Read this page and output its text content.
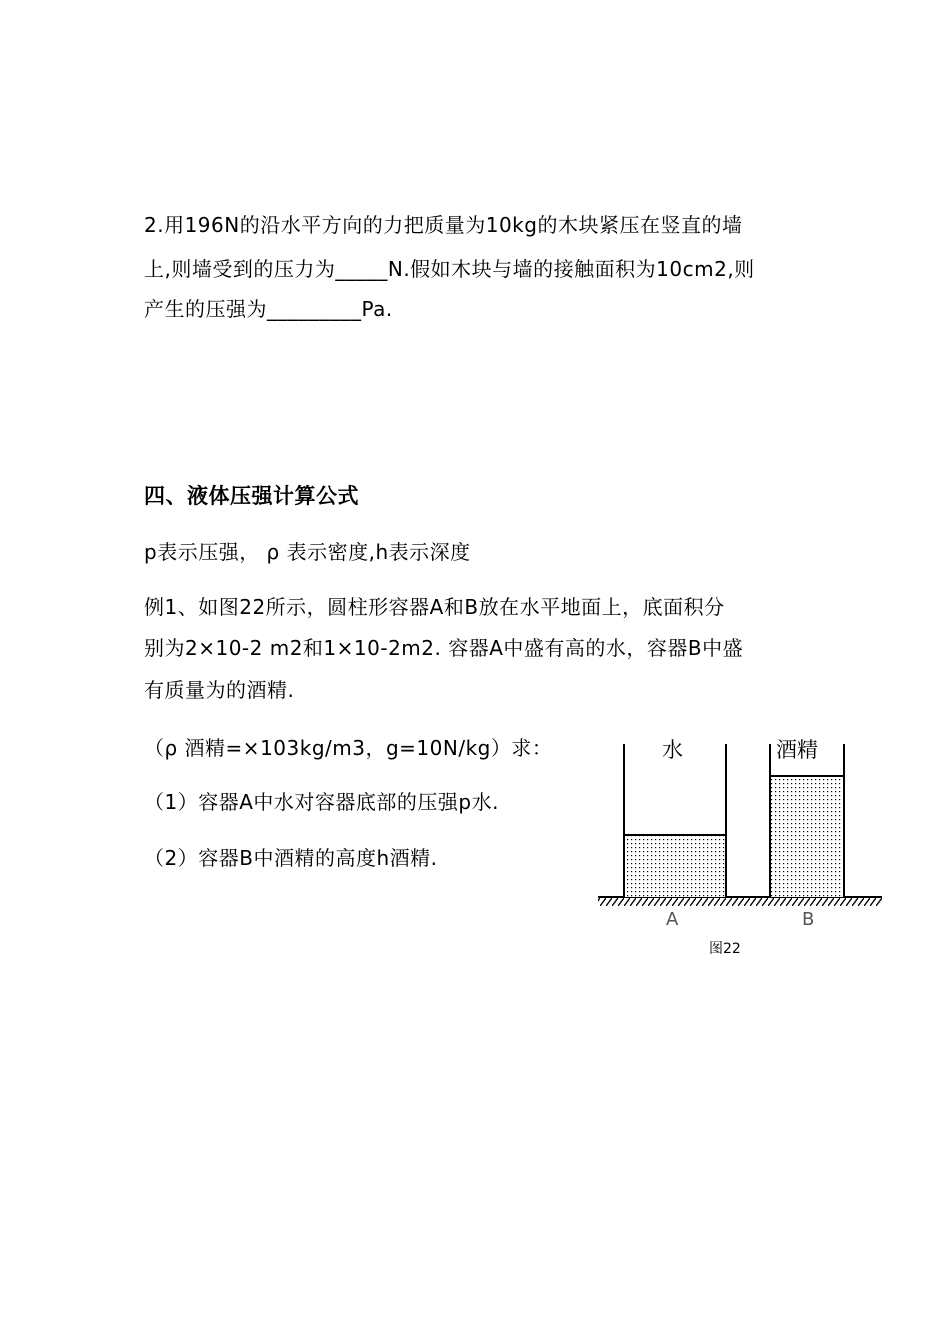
2.用196N的沿水平方向的力把质量为10kg的木块紧压在竖直的墙
上,则墙受到的压力为_____N.假如木块与墙的接触面积为10cm2,则
产生的压强为_________Pa.
四、液体压强计算公式
p表示压强， ρ 表示密度,h表示深度
例1、如图22所示，圆柱形容器A和B放在水平地面上，底面积分
别为2×10-2 m2和1×10-2m2. 容器A中盛有高的水，容器B中盛
有质量为的酒精.
（ρ 酒精=×103kg/m3，g=10N/kg）求：
（1）容器A中水对容器底部的压强p水.
（2）容器B中酒精的高度h酒精.
水	酒精
A	B
图22
